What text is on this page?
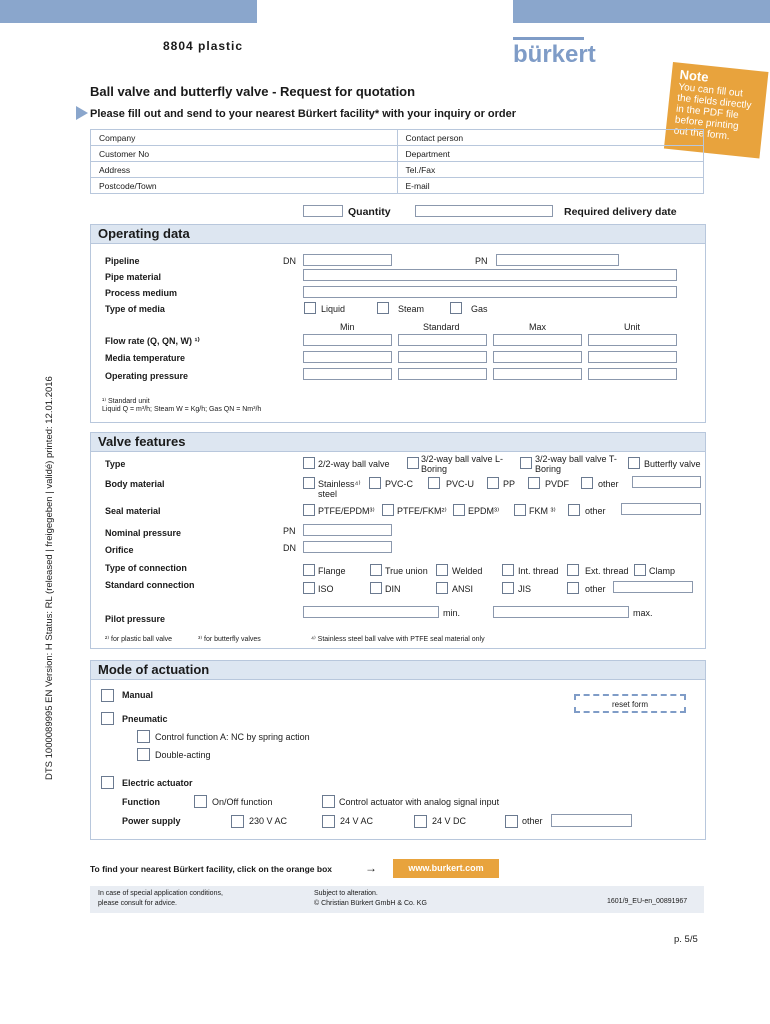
8804 plastic	bürkert
Note
You can fill out the fields directly in the PDF file before printing out the form.
Ball valve and butterfly valve - Request for quotation
Please fill out and send to your nearest Bürkert facility* with your inquiry or order
Company	Contact person
Customer No	Department
Address	Tel./Fax
Postcode/Town	E-mail
Quantity	Required delivery date
Operating data
Pipeline	DN	PN
Pipe material
Process medium
Type of media	Liquid	Steam	Gas
Min	Standard	Max	Unit
Flow rate (Q, QN, W) ¹⁾
Media temperature
Operating pressure
¹⁾ Standard unit
Liquid Q = m³/h; Steam W = Kg/h; Gas QN = Nm³/h
Valve features
Type	2/2-way ball valve	3/2-way ball valve L-Boring
3/2-way ball valve T-Boring	Butterfly valve
Body material	Stainless⁴⁾ steel
PVC-C	PVC-U	PP	PVDF	other
Seal material	PTFE/EPDM³⁾ PTFE/FKM²⁾ EPDM³⁾	FKM ³⁾	other
Nominal pressure	PN
Orifice	DN
Type of connection	Flange	True union	Welded	Int. thread	Ext. thread Clamp
Standard connection	ISO	DIN	ANSI	JIS	other
Pilot pressure
min.	max.
²⁾ for plastic ball valve	³⁾ for butterfly valves	⁴⁾ Stainless steel ball valve with PTFE seal material only
Mode of actuation
Manual
reset form
Pneumatic
Control function A: NC by spring action
Double-acting
Electric actuator
Function	On/Off function	Control actuator with analog signal input
Power supply	230 V AC	24 V AC	24 V DC	other
To find your nearest Bürkert facility, click on the orange box	→	www.burkert.com
In case of special application conditions,
please consult for advice.
Subject to alteration.
© Christian Bürkert GmbH & Co. KG	1601/9_EU-en_00891967
p. 5/5
DTS 1000089995 EN Version: H Status: RL (released | freigegeben | validé) printed: 12.01.2016
